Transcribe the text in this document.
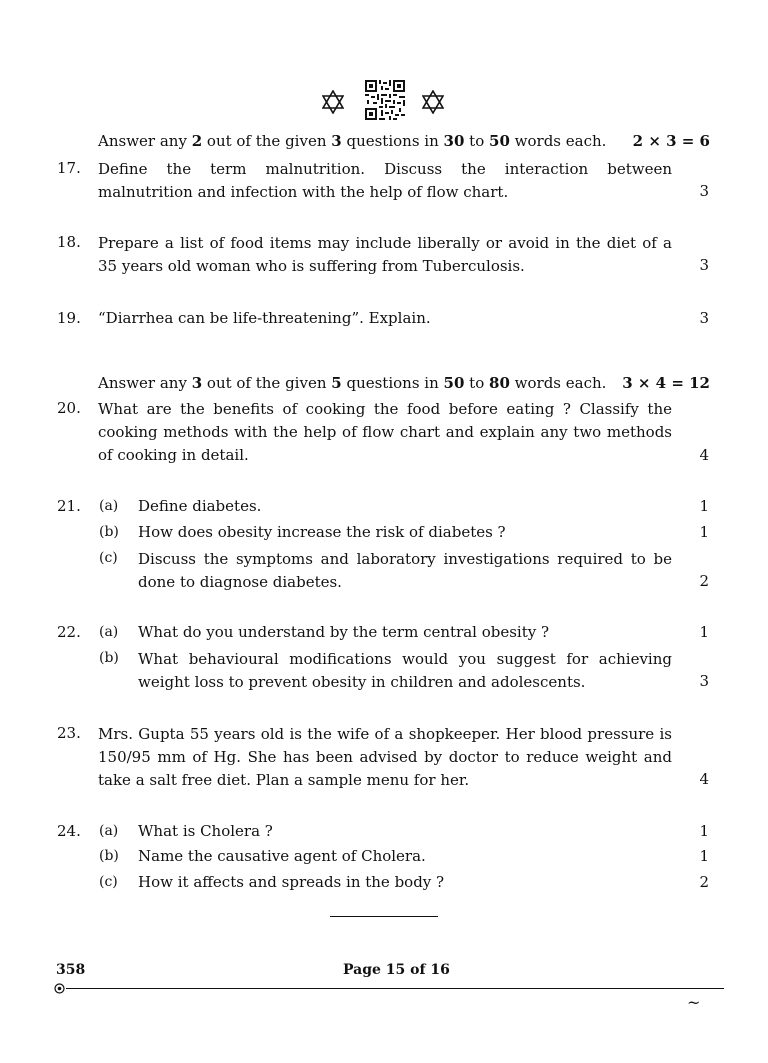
Answer any 2 out of the given 3 questions in 30 to 50 words each. 2 × 3 = 6
17. Define the term malnutrition. Discuss the interaction between
malnutrition and infection with the help of flow chart.	3
18. Prepare a list of food items may include liberally or avoid in the diet of a
35 years old woman who is suffering from Tuberculosis.	3
19. “Diarrhea can be life-threatening”. Explain.	3
Answer any 3 out of the given 5 questions in 50 to 80 words each. 3 × 4 = 12
20. What are the benefits of cooking the food before eating ? Classify the
cooking methods with the help of flow chart and explain any two methods
of cooking in detail.	4
21. (a) Define diabetes.	1
(b) How does obesity increase the risk of diabetes ?	1
(c) Discuss the symptoms and laboratory investigations required to be
done to diagnose diabetes.	2
22. (a) What do you understand by the term central obesity ?	1
(b) What behavioural modifications would you suggest for achieving
weight loss to prevent obesity in children and adolescents.	3
23. Mrs. Gupta 55 years old is the wife of a shopkeeper. Her blood pressure is
150/95 mm of Hg. She has been advised by doctor to reduce weight and
take a salt free diet. Plan a sample menu for her.	4
24. (a) What is Cholera ?	1
(b) Name the causative agent of Cholera.	1
(c) How it affects and spreads in the body ?	2
358	Page 15 of 16
~
